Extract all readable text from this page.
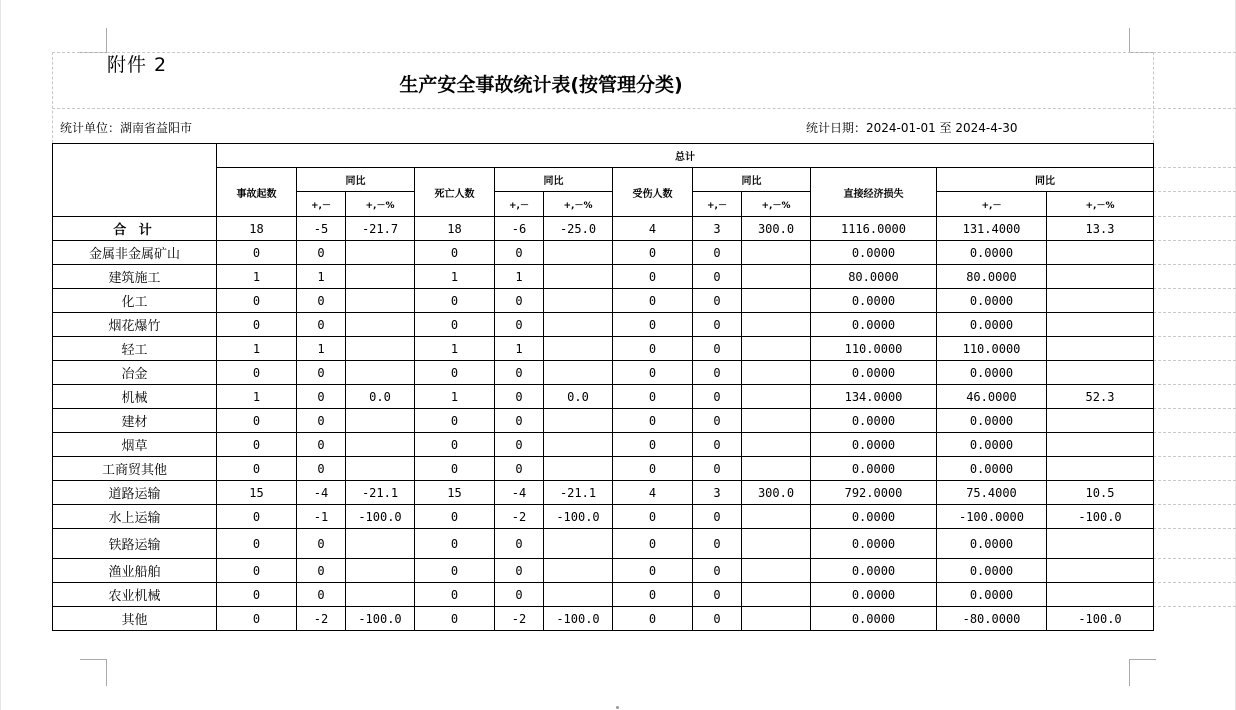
附件 2
生产安全事故统计表(按管理分类)
统计单位：湖南省益阳市	统计日期：2024-01-01 至 2024-4-30
	总计											
	事故起数	同比		死亡人数	同比		受伤人数	同比		直接经济损失	同比	
		+,－	+,－%		+,－	+,－%		+,－	+,－%		+,－	+,－%
合 计	18	-5	-21.7	18	-6	-25.0	4	3	300.0	1116.0000	131.4000	13.3
金属非金属矿山	0	0		0	0		0	0		0.0000	0.0000	
建筑施工	1	1		1	1		0	0		80.0000	80.0000	
化工	0	0		0	0		0	0		0.0000	0.0000	
烟花爆竹	0	0		0	0		0	0		0.0000	0.0000	
轻工	1	1		1	1		0	0		110.0000	110.0000	
冶金	0	0		0	0		0	0		0.0000	0.0000	
机械	1	0	0.0	1	0	0.0	0	0		134.0000	46.0000	52.3
建材	0	0		0	0		0	0		0.0000	0.0000	
烟草	0	0		0	0		0	0		0.0000	0.0000	
工商贸其他	0	0		0	0		0	0		0.0000	0.0000	
道路运输	15	-4	-21.1	15	-4	-21.1	4	3	300.0	792.0000	75.4000	10.5
水上运输	0	-1	-100.0	0	-2	-100.0	0	0		0.0000	-100.0000	-100.0
铁路运输	0	0		0	0		0	0		0.0000	0.0000	
渔业船舶	0	0		0	0		0	0		0.0000	0.0000	
农业机械	0	0		0	0		0	0		0.0000	0.0000	
其他	0	-2	-100.0	0	-2	-100.0	0	0		0.0000	-80.0000	-100.0
